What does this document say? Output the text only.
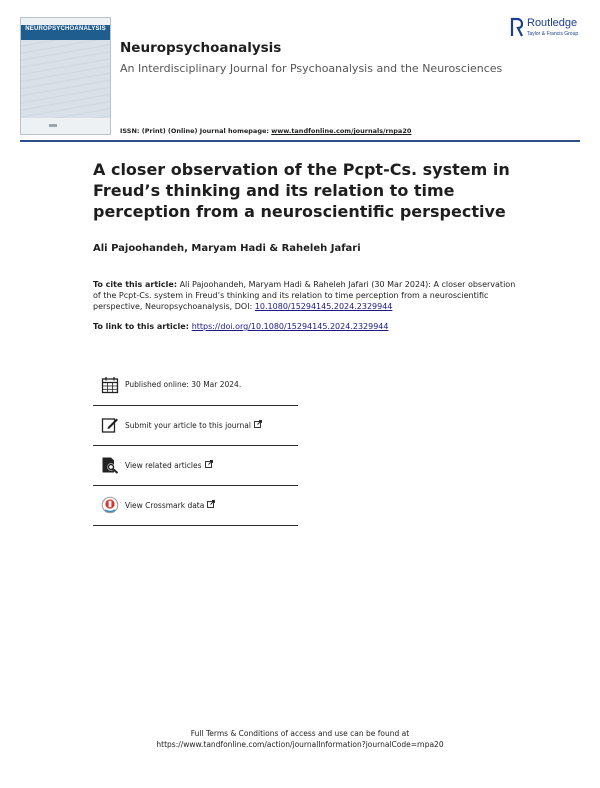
NEUROPSYCHOANALYSIS
	Routledge
Taylor & Francis Group
Neuropsychoanalysis
An Interdisciplinary Journal for Psychoanalysis and the Neurosciences
ISSN: (Print) (Online) Journal homepage: www.tandfonline.com/journals/rnpa20
A closer observation of the Pcpt-Cs. system in Freud’s thinking and its relation to time perception from a neuroscientific perspective
Ali Pajoohandeh, Maryam Hadi & Raheleh Jafari
To cite this article: Ali Pajoohandeh, Maryam Hadi & Raheleh Jafari (30 Mar 2024): A closer observation of the Pcpt-Cs. system in Freud’s thinking and its relation to time perception from a neuroscientific perspective, Neuropsychoanalysis, DOI: 10.1080/15294145.2024.2329944
To link to this article: https://doi.org/10.1080/15294145.2024.2329944
Published online: 30 Mar 2024.
Submit your article to this journal
View related articles
View Crossmark data
Full Terms & Conditions of access and use can be found at
https://www.tandfonline.com/action/journalInformation?journalCode=rnpa20
